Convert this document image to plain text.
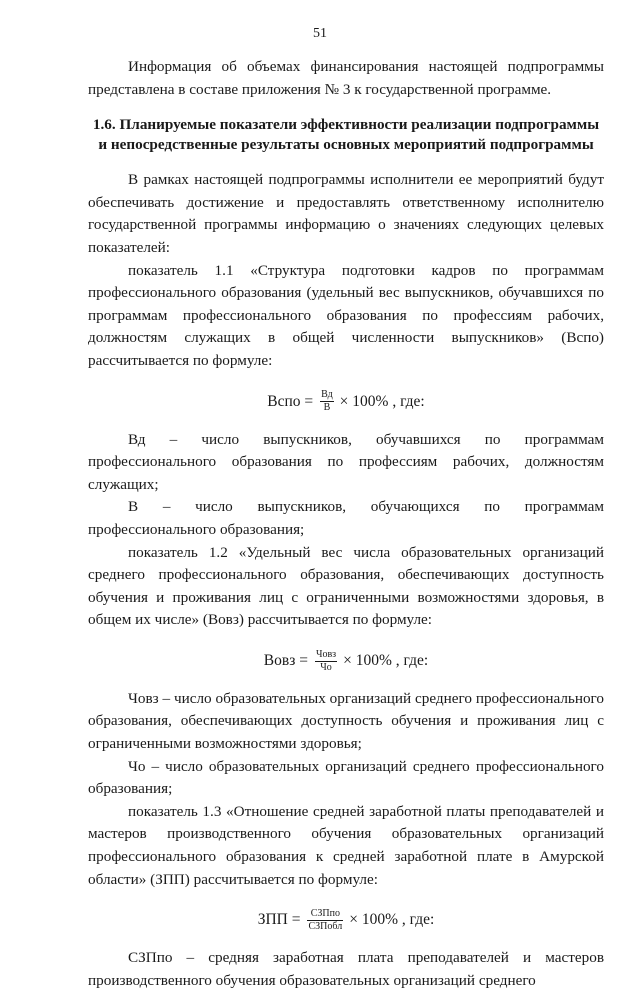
51

Информация об объемах финансирования настоящей подпрограммы представлена в составе приложения № 3 к государственной программе.

1.6. Планируемые показатели эффективности реализации подпрограммы и непосредственные результаты основных мероприятий подпрограммы

В рамках настоящей подпрограммы исполнители ее мероприятий будут обеспечивать достижение и предоставлять ответственному исполнителю государственной программы информацию о значениях следующих целевых показателей:

показатель 1.1 «Структура подготовки кадров по программам профессионального образования (удельный вес выпускников, обучавшихся по программам профессионального образования по профессиям рабочих, должностям служащих в общей численности выпускников» (Вспо) рассчитывается по формуле:

Вспо = $\frac{Вд}{В} \times 100\%$ , где:

Вд – число выпускников, обучавшихся по программам профессионального образования по профессиям рабочих, должностям служащих;

В – число выпускников, обучающихся по программам профессионального образования;

показатель 1.2 «Удельный вес числа образовательных организаций среднего профессионального образования, обеспечивающих доступность обучения и проживания лиц с ограниченными возможностями здоровья, в общем их числе» (Вовз) рассчитывается по формуле:

Вовз = $\frac{\text{Човз}}{Чо} \times 100\%$ , где:

Човз – число образовательных организаций среднего профессионального образования, обеспечивающих доступность обучения и проживания лиц с ограниченными возможностями здоровья;

Чо – число образовательных организаций среднего профессионального образования;

показатель 1.3 «Отношение средней заработной платы преподавателей и мастеров производственного обучения образовательных организаций профессионального образования к средней заработной плате в Амурской области» (ЗПП) рассчитывается по формуле:

ЗПП = $\frac{\text{СЗПпо}}{\text{СЗПобл}} \times 100\%$ , где:

СЗПпо – средняя заработная плата преподавателей и мастеров производственного обучения образовательных организаций среднего
